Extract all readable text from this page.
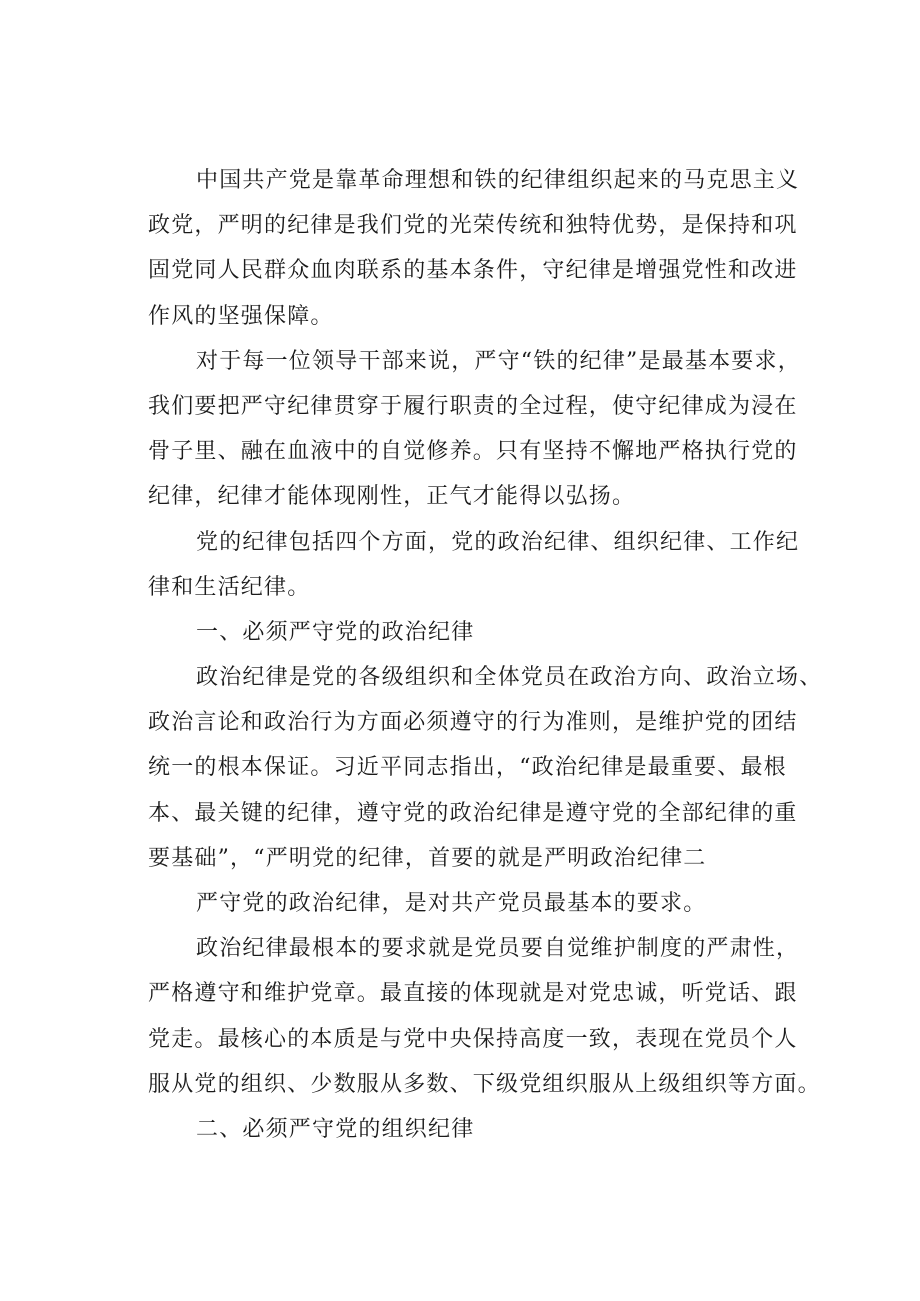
中国共产党是靠革命理想和铁的纪律组织起来的马克思主义
政党，严明的纪律是我们党的光荣传统和独特优势，是保持和巩
固党同人民群众血肉联系的基本条件，守纪律是增强党性和改进
作风的坚强保障。
对于每一位领导干部来说，严守“铁的纪律”是最基本要求，
我们要把严守纪律贯穿于履行职责的全过程，使守纪律成为浸在
骨子里、融在血液中的自觉修养。只有坚持不懈地严格执行党的
纪律，纪律才能体现刚性，正气才能得以弘扬。
党的纪律包括四个方面，党的政治纪律、组织纪律、工作纪
律和生活纪律。
一、必须严守党的政治纪律
政治纪律是党的各级组织和全体党员在政治方向、政治立场、
政治言论和政治行为方面必须遵守的行为准则，是维护党的团结
统一的根本保证。习近平同志指出，“政治纪律是最重要、最根
本、最关键的纪律，遵守党的政治纪律是遵守党的全部纪律的重
要基础”，“严明党的纪律，首要的就是严明政治纪律二
严守党的政治纪律，是对共产党员最基本的要求。
政治纪律最根本的要求就是党员要自觉维护制度的严肃性，
严格遵守和维护党章。最直接的体现就是对党忠诚，听党话、跟
党走。最核心的本质是与党中央保持高度一致，表现在党员个人
服从党的组织、少数服从多数、下级党组织服从上级组织等方面。
二、必须严守党的组织纪律
